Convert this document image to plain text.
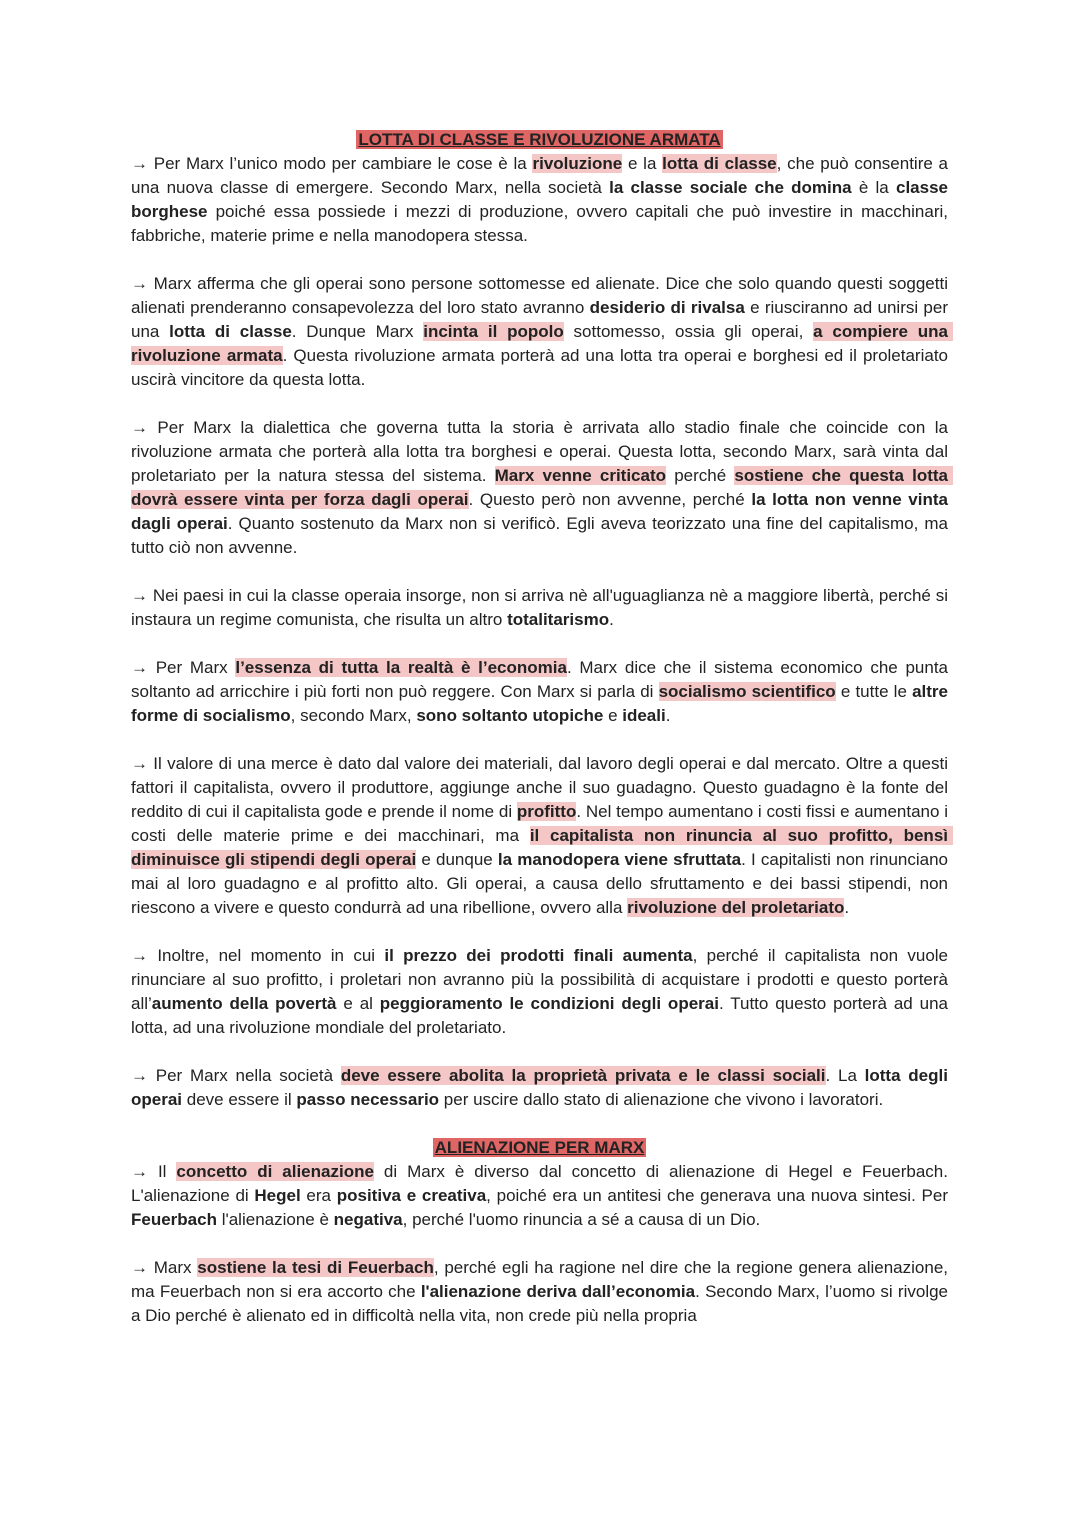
LOTTA DI CLASSE E RIVOLUZIONE ARMATA

→ Per Marx l’unico modo per cambiare le cose è la rivoluzione e la lotta di classe, che può consentire a una nuova classe di emergere. Secondo Marx, nella società la classe sociale che domina è la classe borghese poiché essa possiede i mezzi di produzione, ovvero capitali che può investire in macchinari, fabbriche, materie prime e nella manodopera stessa.

→ Marx afferma che gli operai sono persone sottomesse ed alienate. Dice che solo quando questi soggetti alienati prenderanno consapevolezza del loro stato avranno desiderio di rivalsa e riusciranno ad unirsi per una lotta di classe. Dunque Marx incinta il popolo sottomesso, ossia gli operai, a compiere una rivoluzione armata. Questa rivoluzione armata porterà ad una lotta tra operai e borghesi ed il proletariato uscirà vincitore da questa lotta.

→ Per Marx la dialettica che governa tutta la storia è arrivata allo stadio finale che coincide con la rivoluzione armata che porterà alla lotta tra borghesi e operai. Questa lotta, secondo Marx, sarà vinta dal proletariato per la natura stessa del sistema. Marx venne criticato perché sostiene che questa lotta dovrà essere vinta per forza dagli operai. Questo però non avvenne, perché la lotta non venne vinta dagli operai. Quanto sostenuto da Marx non si verificò. Egli aveva teorizzato una fine del capitalismo, ma tutto ciò non avvenne.

→ Nei paesi in cui la classe operaia insorge, non si arriva nè all'uguaglianza nè a maggiore libertà, perché si instaura un regime comunista, che risulta un altro totalitarismo.

→ Per Marx l’essenza di tutta la realtà è l’economia. Marx dice che il sistema economico che punta soltanto ad arricchire i più forti non può reggere. Con Marx si parla di socialismo scientifico e tutte le altre forme di socialismo, secondo Marx, sono soltanto utopiche e ideali.

→ Il valore di una merce è dato dal valore dei materiali, dal lavoro degli operai e dal mercato. Oltre a questi fattori il capitalista, ovvero il produttore, aggiunge anche il suo guadagno. Questo guadagno è la fonte del reddito di cui il capitalista gode e prende il nome di profitto. Nel tempo aumentano i costi fissi e aumentano i costi delle materie prime e dei macchinari, ma il capitalista non rinuncia al suo profitto, bensì diminuisce gli stipendi degli operai e dunque la manodopera viene sfruttata. I capitalisti non rinunciano mai al loro guadagno e al profitto alto. Gli operai, a causa dello sfruttamento e dei bassi stipendi, non riescono a vivere e questo condurrà ad una ribellione, ovvero alla rivoluzione del proletariato.

→ Inoltre, nel momento in cui il prezzo dei prodotti finali aumenta, perché il capitalista non vuole rinunciare al suo profitto, i proletari non avranno più la possibilità di acquistare i prodotti e questo porterà all’aumento della povertà e al peggioramento le condizioni degli operai. Tutto questo porterà ad una lotta, ad una rivoluzione mondiale del proletariato.

→ Per Marx nella società deve essere abolita la proprietà privata e le classi sociali. La lotta degli operai deve essere il passo necessario per uscire dallo stato di alienazione che vivono i lavoratori.

ALIENAZIONE PER MARX

→ Il concetto di alienazione di Marx è diverso dal concetto di alienazione di Hegel e Feuerbach. L'alienazione di Hegel era positiva e creativa, poiché era un antitesi che generava una nuova sintesi. Per Feuerbach l'alienazione è negativa, perché l'uomo rinuncia a sé a causa di un Dio.

→ Marx sostiene la tesi di Feuerbach, perché egli ha ragione nel dire che la regione genera alienazione, ma Feuerbach non si era accorto che l'alienazione deriva dall’economia. Secondo Marx, l’uomo si rivolge a Dio perché è alienato ed in difficoltà nella vita, non crede più nella propria
